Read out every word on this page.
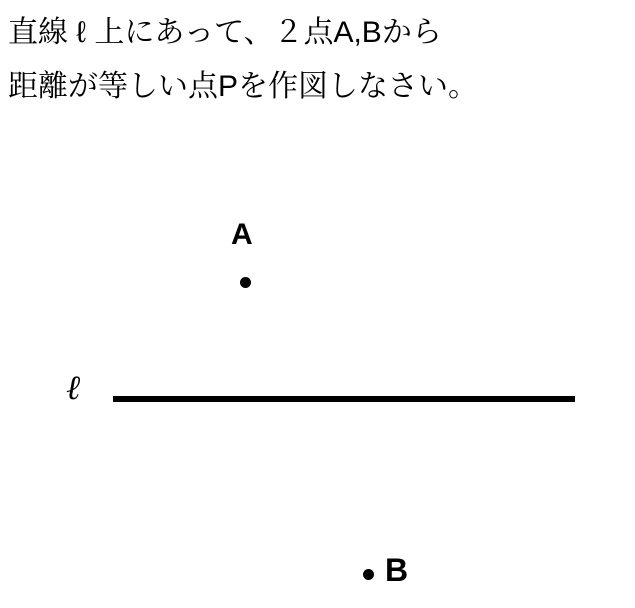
直線 ℓ 上にあって、２点A,Bから
距離が等しい点Pを作図しなさい。
A
ℓ
B
